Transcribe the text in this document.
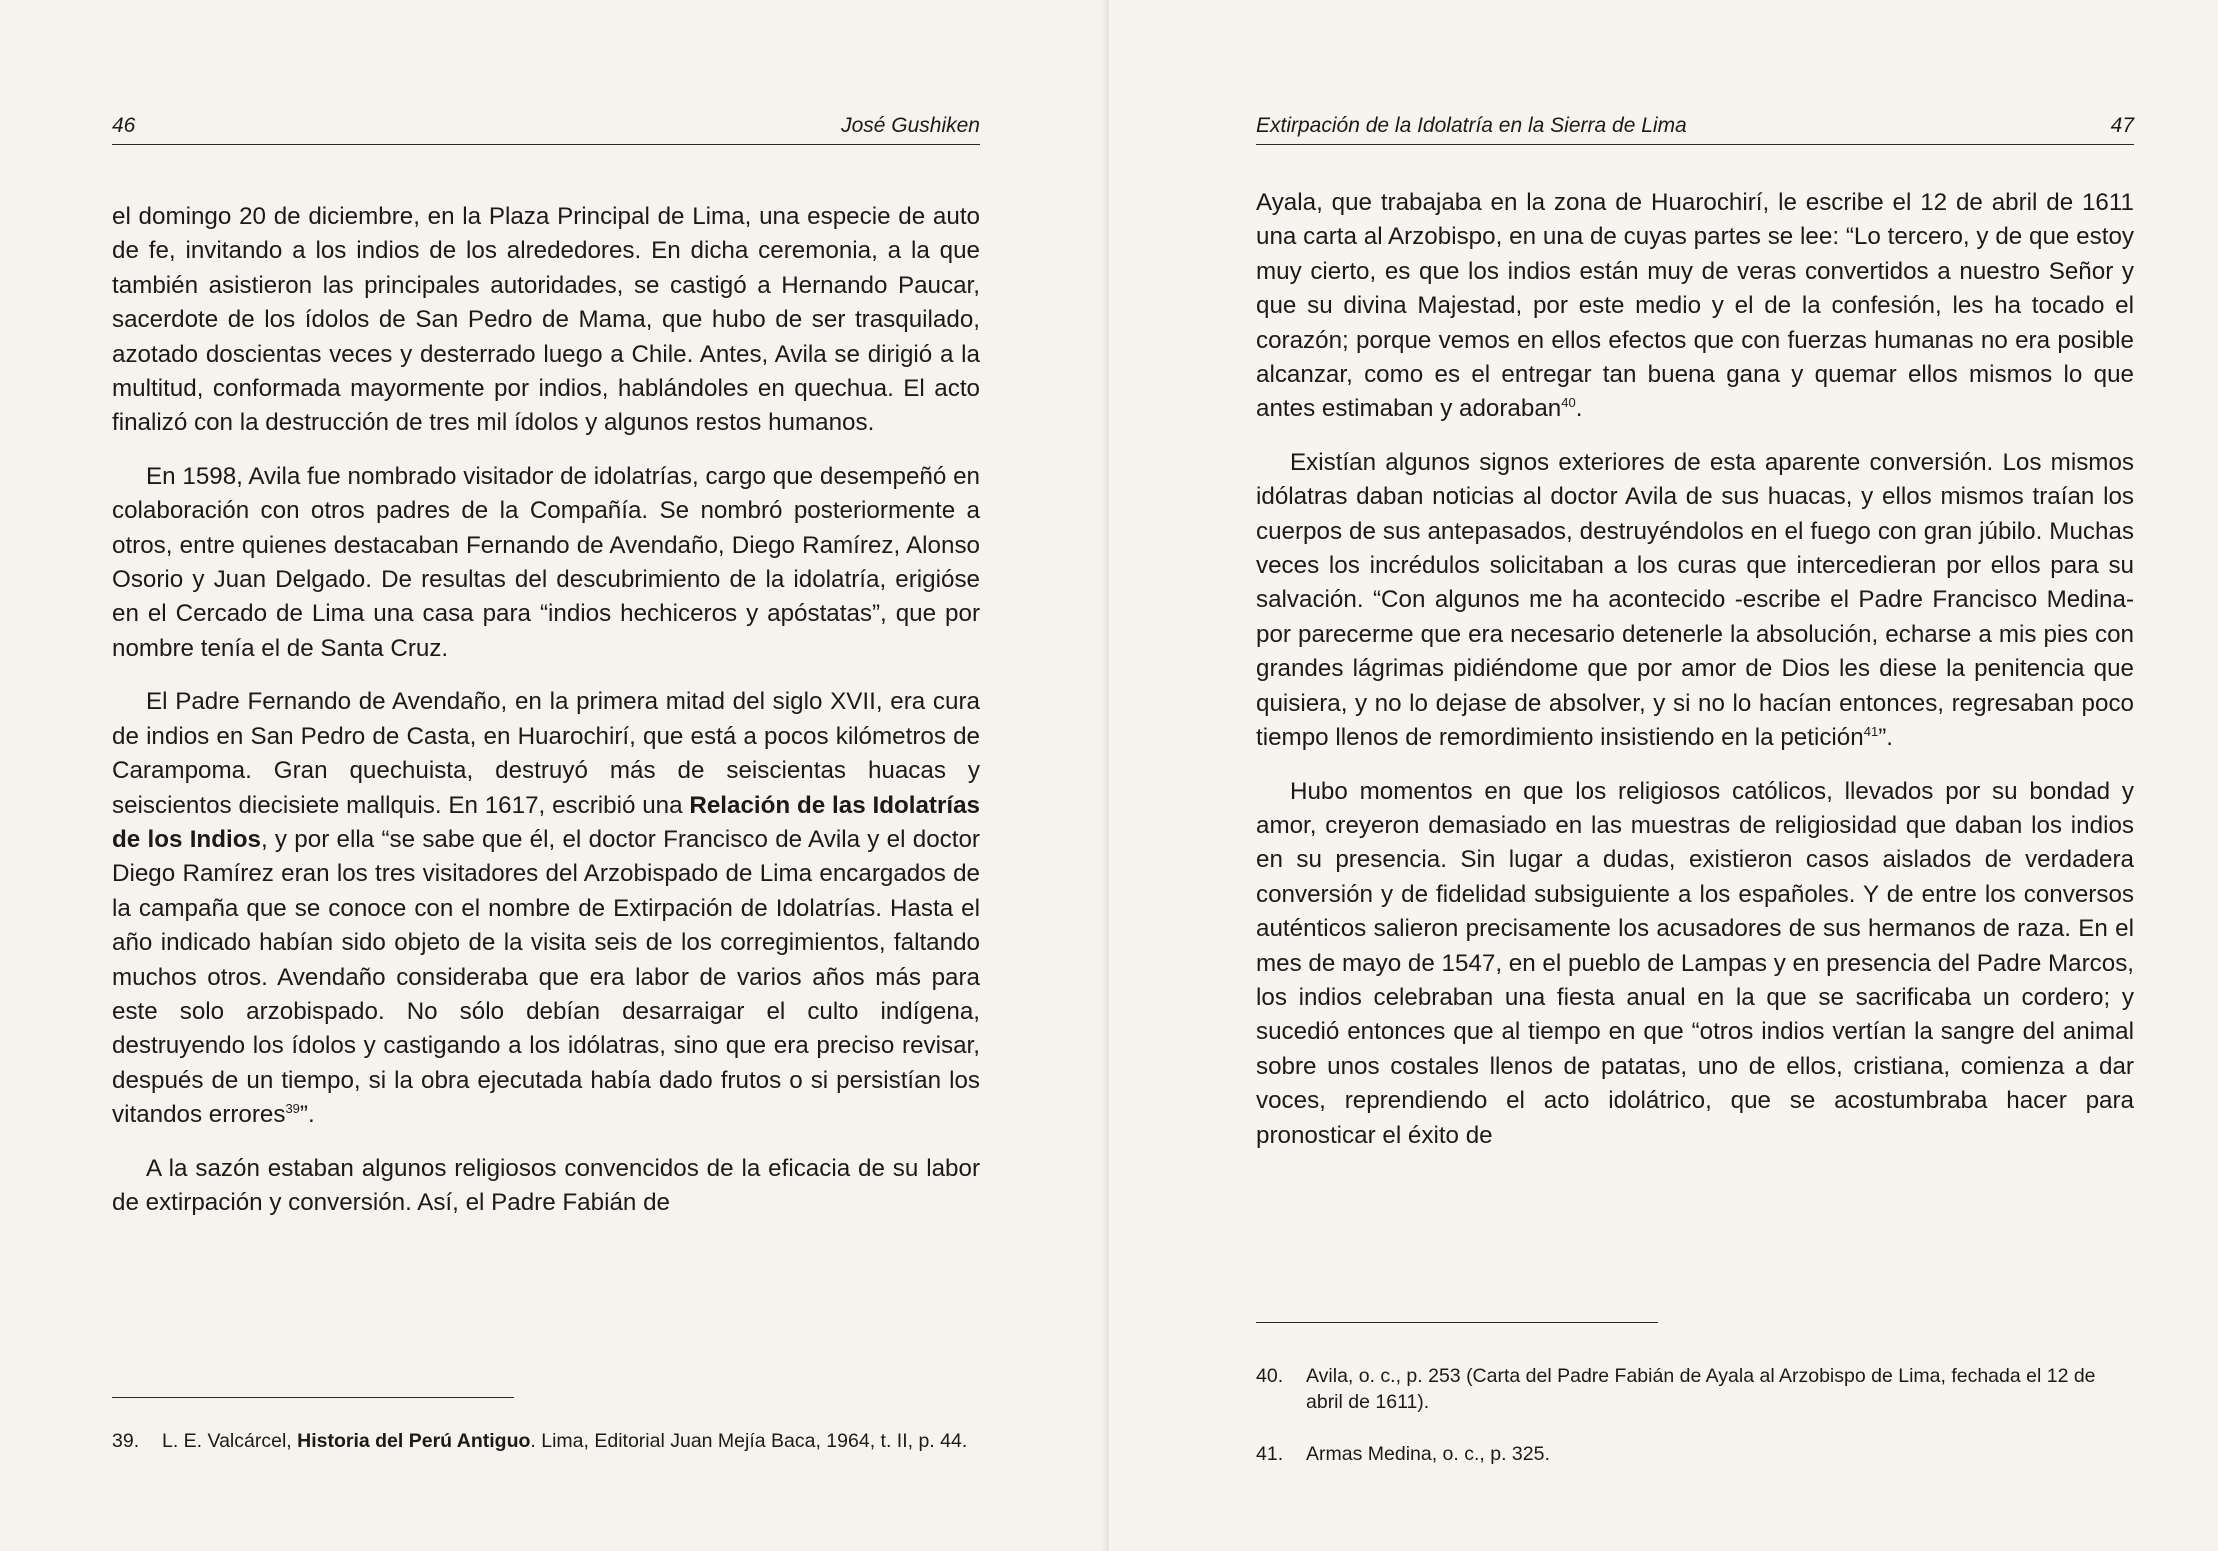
46	José Gushiken

el domingo 20 de diciembre, en la Plaza Principal de Lima, una especie de auto de fe, invitando a los indios de los alrededores. En dicha ceremonia, a la que también asistieron las principales autoridades, se castigó a Hernando Paucar, sacerdote de los ídolos de San Pedro de Mama, que hubo de ser trasquilado, azotado doscientas veces y desterrado luego a Chile. Antes, Avila se dirigió a la multitud, conformada mayormente por indios, hablándoles en quechua. El acto finalizó con la destrucción de tres mil ídolos y algunos restos humanos.

En 1598, Avila fue nombrado visitador de idolatrías, cargo que desempeñó en colaboración con otros padres de la Compañía. Se nombró posteriormente a otros, entre quienes destacaban Fernando de Avendaño, Diego Ramírez, Alonso Osorio y Juan Delgado. De resultas del descubrimiento de la idolatría, erigióse en el Cercado de Lima una casa para “indios hechiceros y apóstatas”, que por nombre tenía el de Santa Cruz.

El Padre Fernando de Avendaño, en la primera mitad del siglo XVII, era cura de indios en San Pedro de Casta, en Huarochirí, que está a pocos kilómetros de Carampoma. Gran quechuista, destruyó más de seiscientas huacas y seiscientos diecisiete mallquis. En 1617, escribió una Relación de las Idolatrías de los Indios, y por ella “se sabe que él, el doctor Francisco de Avila y el doctor Diego Ramírez eran los tres visitadores del Arzobispado de Lima encargados de la campaña que se conoce con el nombre de Extirpación de Idolatrías. Hasta el año indicado habían sido objeto de la visita seis de los corregimientos, faltando muchos otros. Avendaño consideraba que era labor de varios años más para este solo arzobispado. No sólo debían desarraigar el culto indígena, destruyendo los ídolos y castigando a los idólatras, sino que era preciso revisar, después de un tiempo, si la obra ejecutada había dado frutos o si persistían los vitandos errores$^{39}$”.

A la sazón estaban algunos religiosos convencidos de la eficacia de su labor de extirpación y conversión. Así, el Padre Fabián de

39. L. E. Valcárcel, Historia del Perú Antiguo. Lima, Editorial Juan Mejía Baca, 1964, t. II, p. 44.
Extirpación de la Idolatría en la Sierra de Lima	47

Ayala, que trabajaba en la zona de Huarochirí, le escribe el 12 de abril de 1611 una carta al Arzobispo, en una de cuyas partes se lee: “Lo tercero, y de que estoy muy cierto, es que los indios están muy de veras convertidos a nuestro Señor y que su divina Majestad, por este medio y el de la confesión, les ha tocado el corazón; porque vemos en ellos efectos que con fuerzas humanas no era posible alcanzar, como es el entregar tan buena gana y quemar ellos mismos lo que antes estimaban y adoraban$^{40}$.

Existían algunos signos exteriores de esta aparente conversión. Los mismos idólatras daban noticias al doctor Avila de sus huacas, y ellos mismos traían los cuerpos de sus antepasados, destruyéndolos en el fuego con gran júbilo. Muchas veces los incrédulos solicitaban a los curas que intercedieran por ellos para su salvación. “Con algunos me ha acontecido -escribe el Padre Francisco Medina- por parecerme que era necesario detenerle la absolución, echarse a mis pies con grandes lágrimas pidiéndome que por amor de Dios les diese la penitencia que quisiera, y no lo dejase de absolver, y si no lo hacían entonces, regresaban poco tiempo llenos de remordimiento insistiendo en la petición$^{41}$”.

Hubo momentos en que los religiosos católicos, llevados por su bondad y amor, creyeron demasiado en las muestras de religiosidad que daban los indios en su presencia. Sin lugar a dudas, existieron casos aislados de verdadera conversión y de fidelidad subsiguiente a los españoles. Y de entre los conversos auténticos salieron precisamente los acusadores de sus hermanos de raza. En el mes de mayo de 1547, en el pueblo de Lampas y en presencia del Padre Marcos, los indios celebraban una fiesta anual en la que se sacrificaba un cordero; y sucedió entonces que al tiempo en que “otros indios vertían la sangre del animal sobre unos costales llenos de patatas, uno de ellos, cristiana, comienza a dar voces, reprendiendo el acto idolátrico, que se acostumbraba hacer para pronosticar el éxito de

40. Avila, o. c., p. 253 (Carta del Padre Fabián de Ayala al Arzobispo de Lima, fechada el 12 de abril de 1611).
41. Armas Medina, o. c., p. 325.
